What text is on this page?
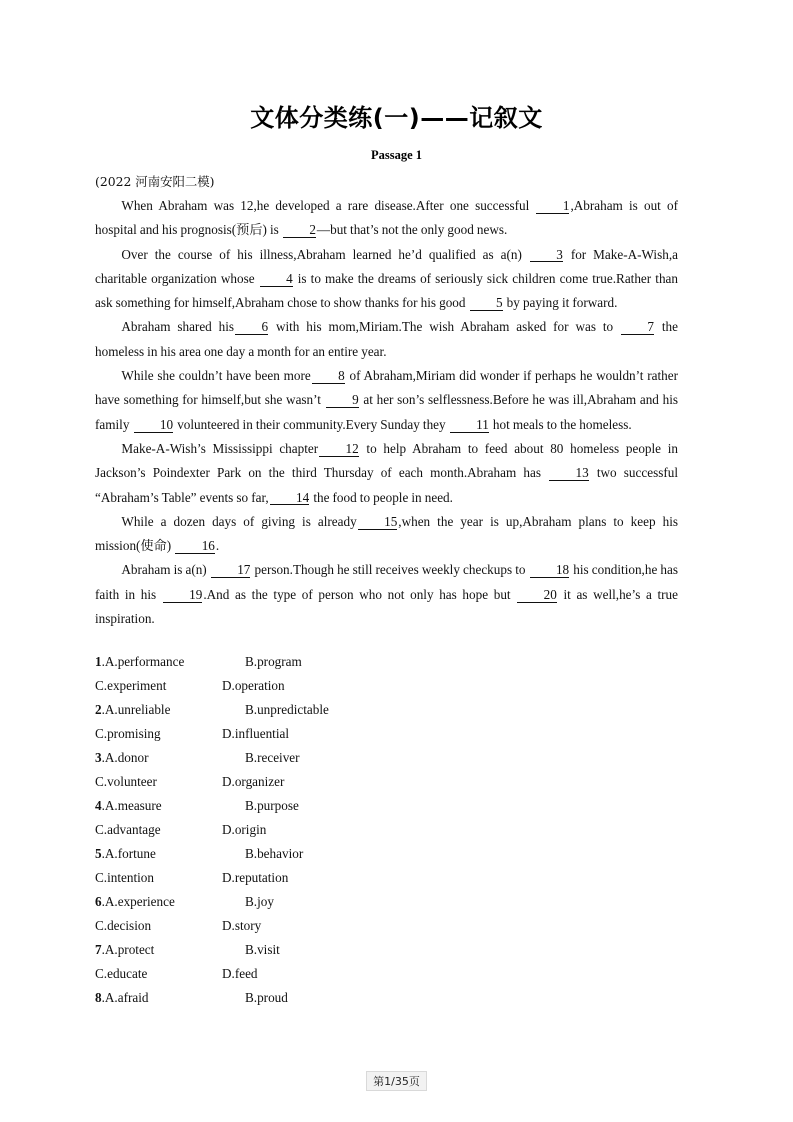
文体分类练(一)——记叙文
Passage 1
(2022 河南安阳二模)

When Abraham was 12,he developed a rare disease.After one successful 1,Abraham is out of hospital and his prognosis(预后) is 2—but that’s not the only good news.

Over the course of his illness,Abraham learned he’d qualified as a(n) 3 for Make-A-Wish,a charitable organization whose 4 is to make the dreams of seriously sick children come true.Rather than ask something for himself,Abraham chose to show thanks for his good 5 by paying it forward.

Abraham shared his 6 with his mom,Miriam.The wish Abraham asked for was to 7 the homeless in his area one day a month for an entire year.

While she couldn’t have been more 8 of Abraham,Miriam did wonder if perhaps he wouldn’t rather have something for himself,but she wasn’t 9 at her son’s selflessness.Before he was ill,Abraham and his family 10 volunteered in their community.Every Sunday they 11 hot meals to the homeless.

Make-A-Wish’s Mississippi chapter 12 to help Abraham to feed about 80 homeless people in Jackson’s Poindexter Park on the third Thursday of each month.Abraham has 13 two successful “Abraham’s Table” events so far, 14 the food to people in need.

While a dozen days of giving is already 15,when the year is up,Abraham plans to keep his mission(使命) 16.

Abraham is a(n) 17 person.Though he still receives weekly checkups to 18 his condition,he has faith in his 19.And as the type of person who not only has hope but 20 it as well,he’s a true inspiration.

1.A.performance	B.program
C.experiment	D.operation
2.A.unreliable	B.unpredictable
C.promising	D.influential
3.A.donor	B.receiver
C.volunteer	D.organizer
4.A.measure	B.purpose
C.advantage	D.origin
5.A.fortune	B.behavior
C.intention	D.reputation
6.A.experience	B.joy
C.decision	D.story
7.A.protect	B.visit
C.educate	D.feed
8.A.afraid	B.proud
第1/35页
